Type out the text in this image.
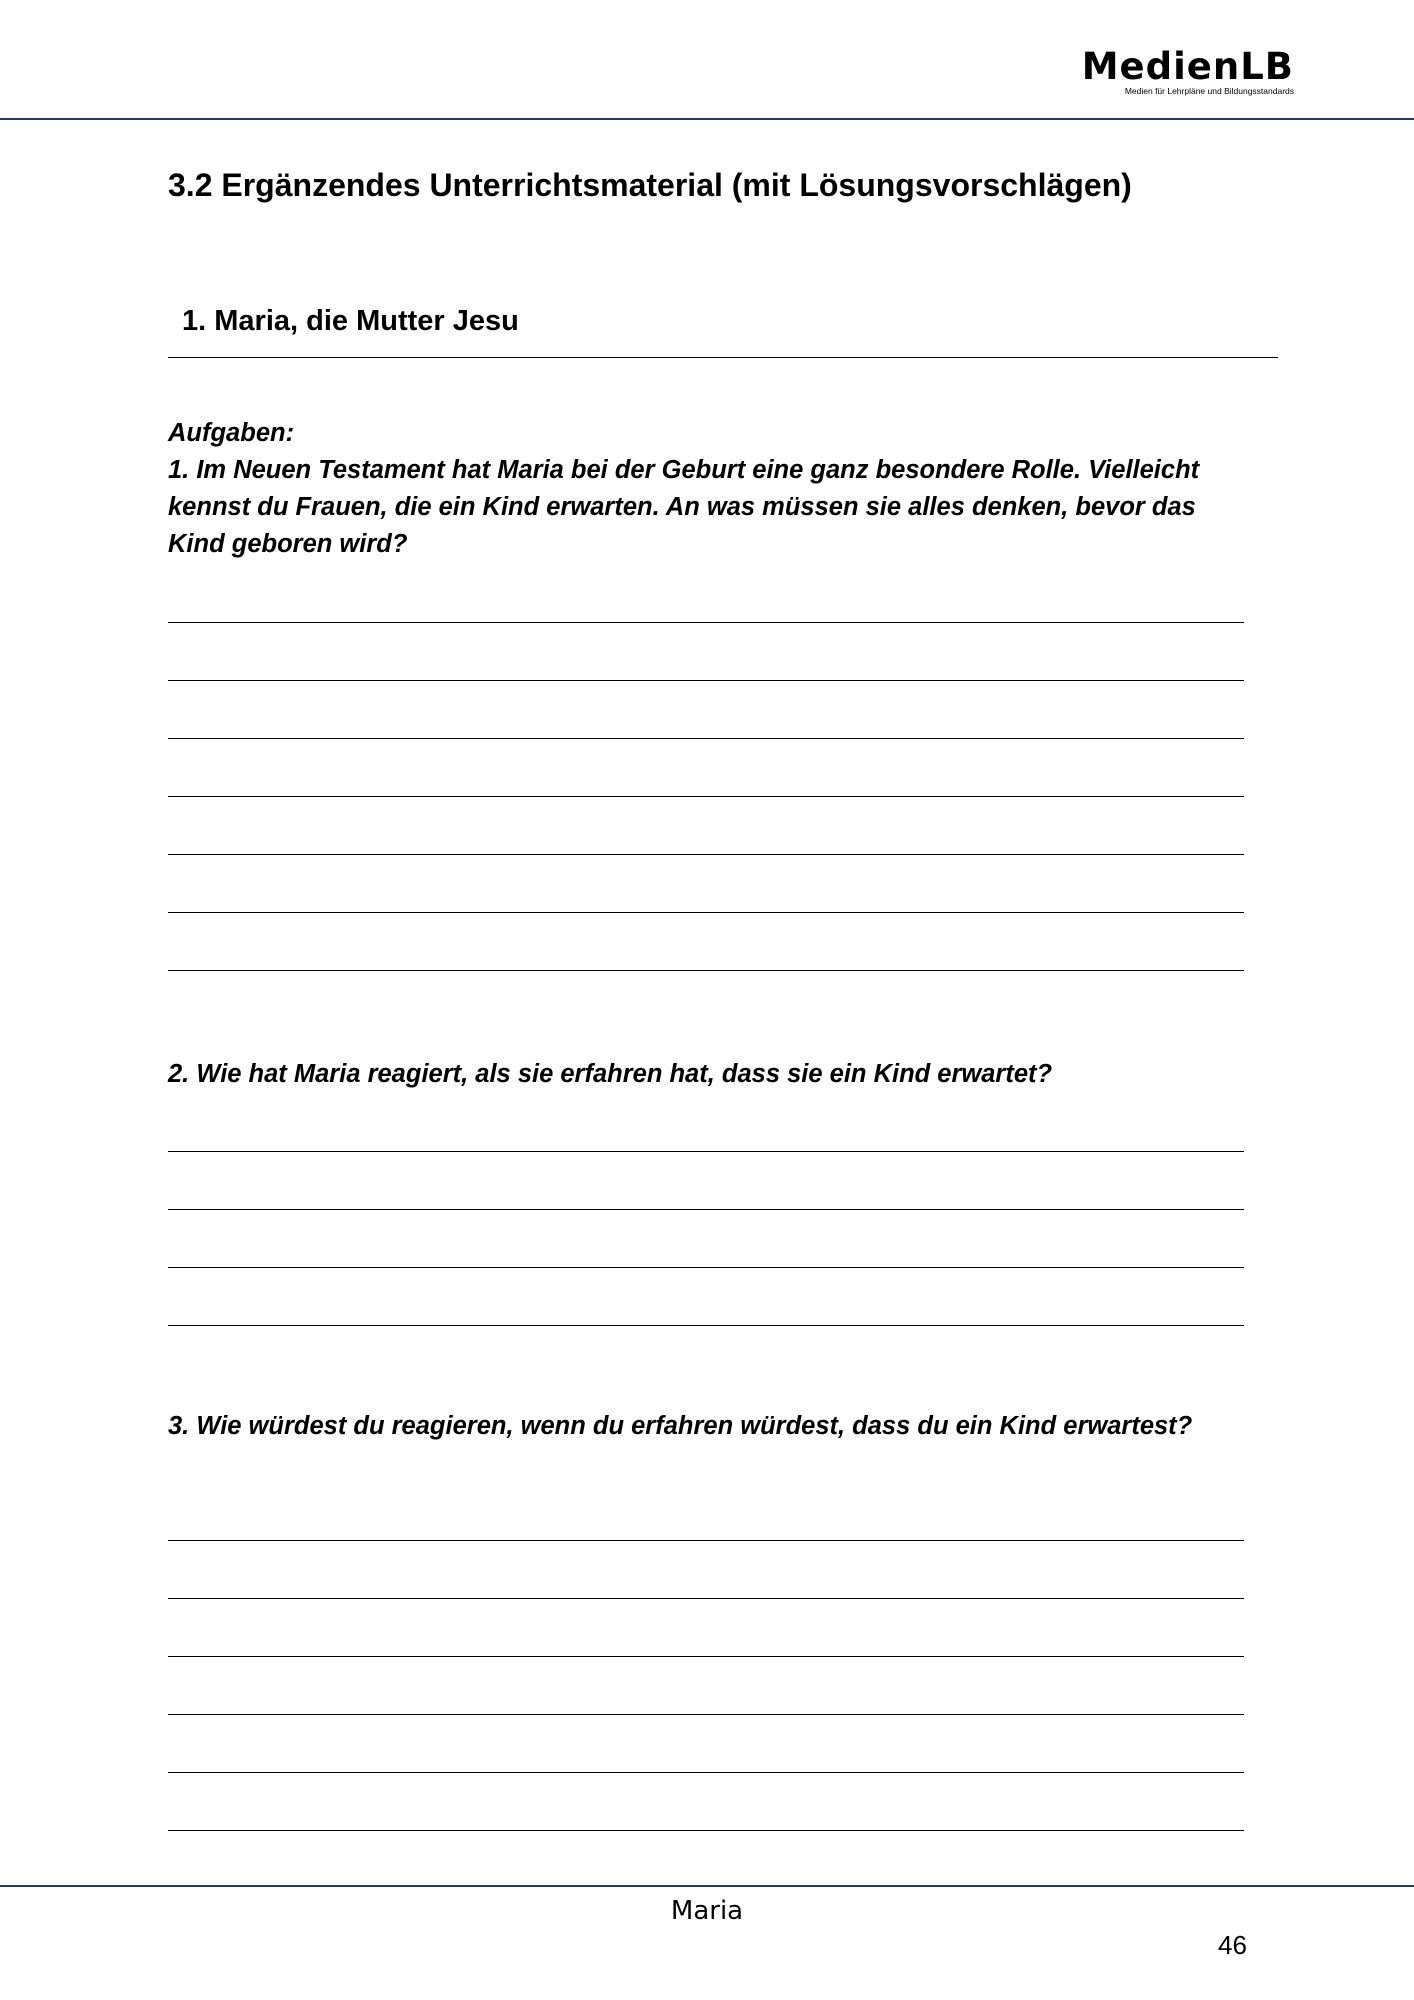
MedienLB
Medien für Lehrpläne und Bildungsstandards
3.2 Ergänzendes Unterrichtsmaterial (mit Lösungsvorschlägen)
1. Maria, die Mutter Jesu

Aufgaben:

1. Im Neuen Testament hat Maria bei der Geburt eine ganz besondere Rolle. Vielleicht kennst du Frauen, die ein Kind erwarten. An was müssen sie alles denken, bevor das Kind geboren wird?

2. Wie hat Maria reagiert, als sie erfahren hat, dass sie ein Kind erwartet?

3. Wie würdest du reagieren, wenn du erfahren würdest, dass du ein Kind erwartest?

Maria
46
